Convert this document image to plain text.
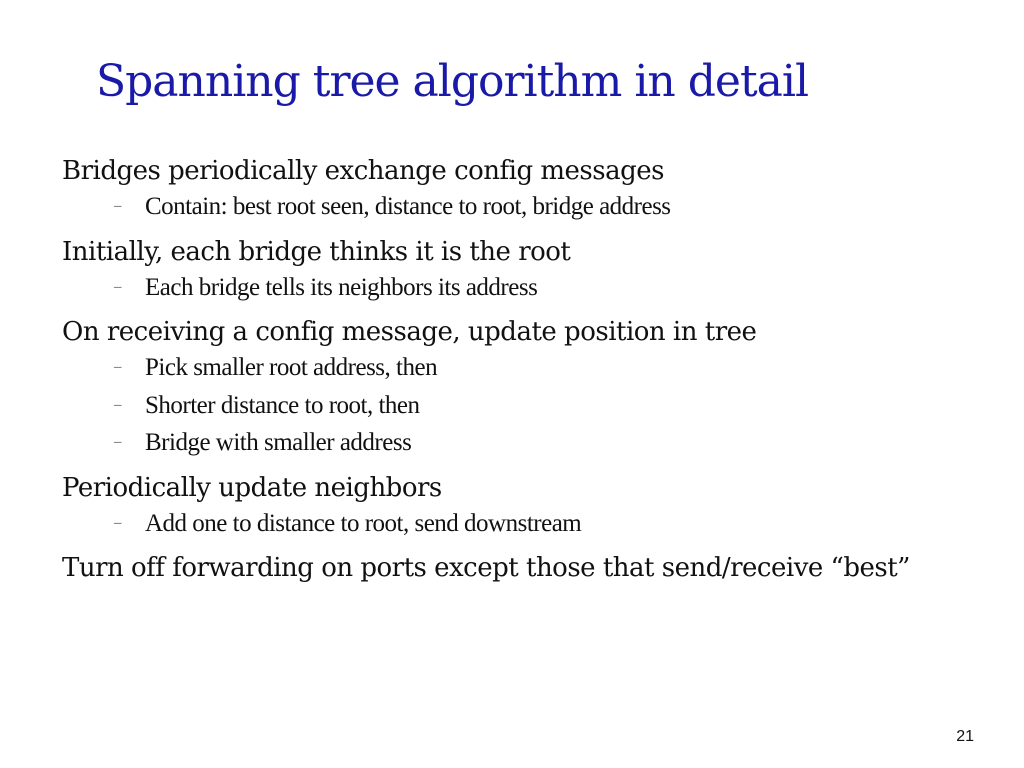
Spanning tree algorithm in detail
Bridges periodically exchange config messages
– Contain: best root seen, distance to root, bridge address
Initially, each bridge thinks it is the root
– Each bridge tells its neighbors its address
On receiving a config message, update position in tree
– Pick smaller root address, then
– Shorter distance to root, then
– Bridge with smaller address
Periodically update neighbors
– Add one to distance to root, send downstream
Turn off forwarding on ports except those that send/receive “best”
21
